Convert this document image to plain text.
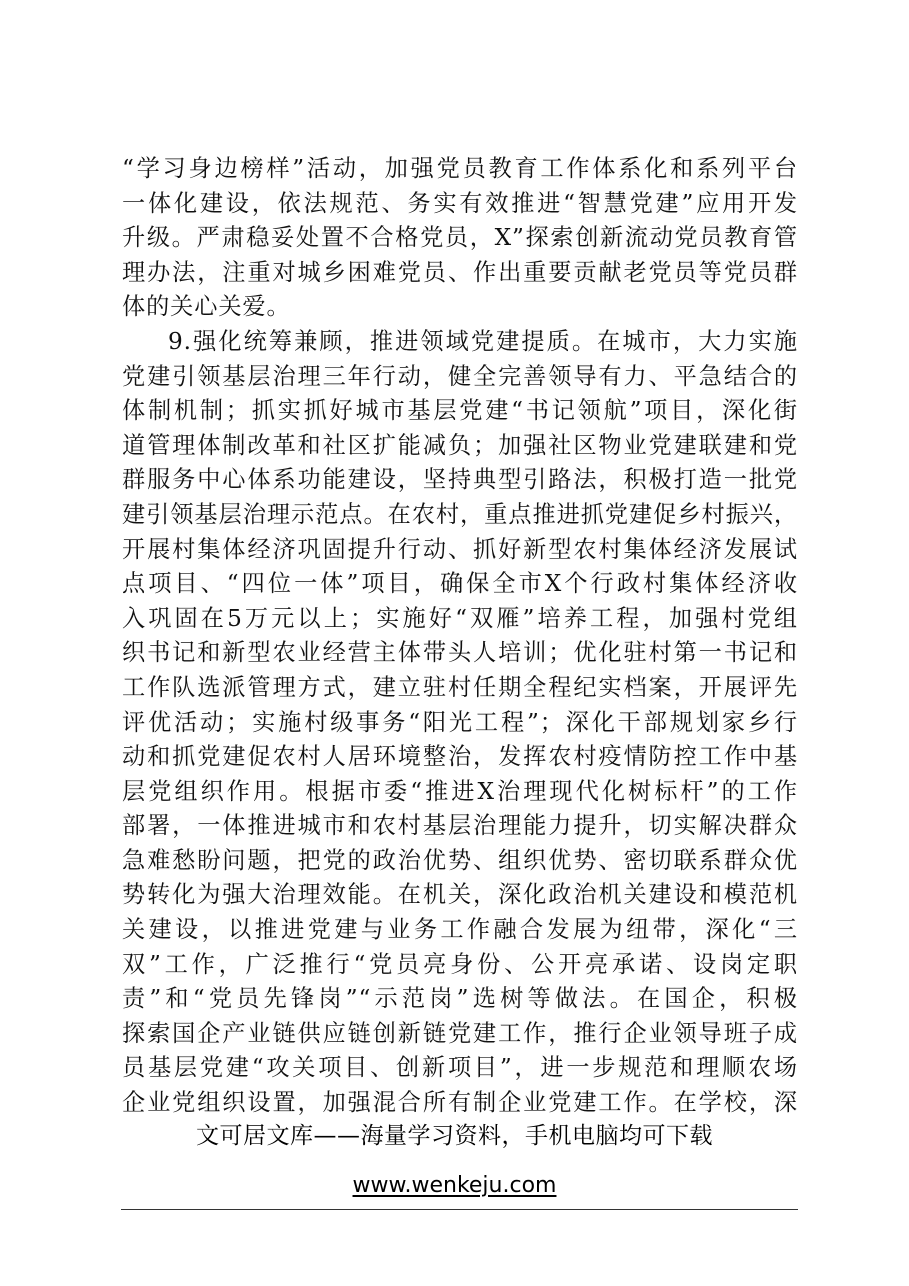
“学习身边榜样”活动，加强党员教育工作体系化和系列平台
一体化建设，依法规范、务实有效推进“智慧党建”应用开发
升级。严肃稳妥处置不合格党员，X”探索创新流动党员教育管
理办法，注重对城乡困难党员、作出重要贡献老党员等党员群
体的关心关爱。
9.强化统筹兼顾，推进领域党建提质。在城市，大力实施
党建引领基层治理三年行动，健全完善领导有力、平急结合的
体制机制；抓实抓好城市基层党建“书记领航”项目，深化街
道管理体制改革和社区扩能减负；加强社区物业党建联建和党
群服务中心体系功能建设，坚持典型引路法，积极打造一批党
建引领基层治理示范点。在农村，重点推进抓党建促乡村振兴，
开展村集体经济巩固提升行动、抓好新型农村集体经济发展试
点项目、“四位一体”项目，确保全市X个行政村集体经济收
入巩固在5万元以上；实施好“双雁”培养工程，加强村党组
织书记和新型农业经营主体带头人培训；优化驻村第一书记和
工作队选派管理方式，建立驻村任期全程纪实档案，开展评先
评优活动；实施村级事务“阳光工程”；深化干部规划家乡行
动和抓党建促农村人居环境整治，发挥农村疫情防控工作中基
层党组织作用。根据市委“推进X治理现代化树标杆”的工作
部署，一体推进城市和农村基层治理能力提升，切实解决群众
急难愁盼问题，把党的政治优势、组织优势、密切联系群众优
势转化为强大治理效能。在机关，深化政治机关建设和模范机
关建设，以推进党建与业务工作融合发展为纽带，深化“三
双”工作，广泛推行“党员亮身份、公开亮承诺、设岗定职
责”和“党员先锋岗”“示范岗”选树等做法。在国企，积极
探索国企产业链供应链创新链党建工作，推行企业领导班子成
员基层党建“攻关项目、创新项目”，进一步规范和理顺农场
企业党组织设置，加强混合所有制企业党建工作。在学校，深
文可居文库——海量学习资料，手机电脑均可下载
www.wenkeju.com
